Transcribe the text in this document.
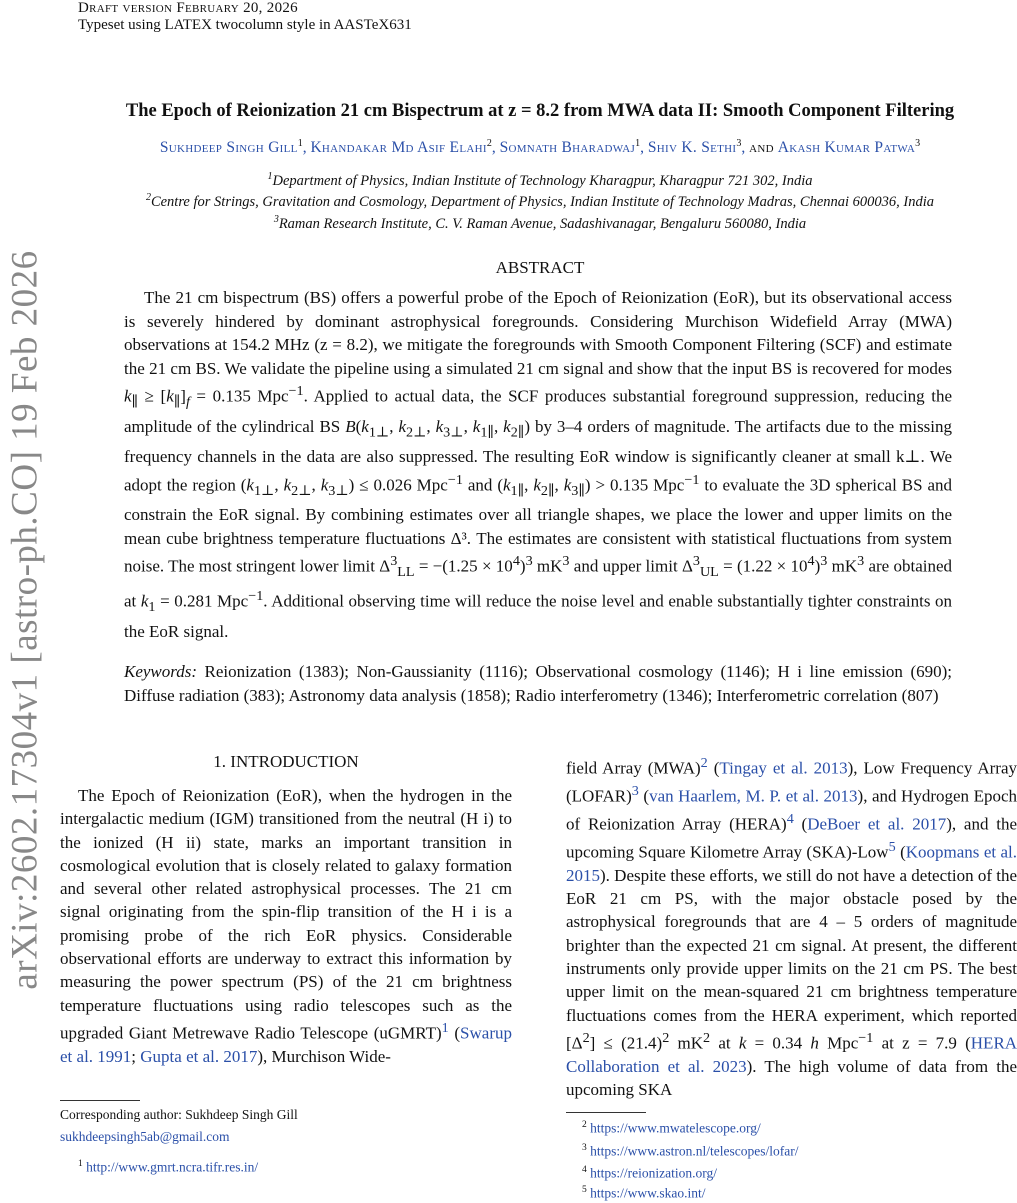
Draft version February 20, 2026
Typeset using LATEX twocolumn style in AASTeX631
arXiv:2602.17304v1 [astro-ph.CO] 19 Feb 2026
The Epoch of Reionization 21 cm Bispectrum at z = 8.2 from MWA data II: Smooth Component Filtering
Sukhdeep Singh Gill$^1$, Khandakar Md Asif Elahi$^2$, Somnath Bharadwaj$^1$, Shiv K. Sethi$^3$, and Akash Kumar Patwa$^3$
$^1$Department of Physics, Indian Institute of Technology Kharagpur, Kharagpur 721 302, India
$^2$Centre for Strings, Gravitation and Cosmology, Department of Physics, Indian Institute of Technology Madras, Chennai 600036, India
$^3$Raman Research Institute, C. V. Raman Avenue, Sadashivanagar, Bengaluru 560080, India
ABSTRACT
The 21 cm bispectrum (BS) offers a powerful probe of the Epoch of Reionization (EoR), but its observational access is severely hindered by dominant astrophysical foregrounds. Considering Murchison Widefield Array (MWA) observations at 154.2 MHz (z = 8.2), we mitigate the foregrounds with Smooth Component Filtering (SCF) and estimate the 21 cm BS. We validate the pipeline using a simulated 21 cm signal and show that the input BS is recovered for modes $k_\parallel \ge [k_\parallel]_f = 0.135$ Mpc$^{-1}$. Applied to actual data, the SCF produces substantial foreground suppression, reducing the amplitude of the cylindrical BS $B(k_{1\perp}$, $k_{2\perp}$, $k_{3\perp}$, $k_{1\parallel}$, $k_{2\parallel}$) by 3–4 orders of magnitude. The artifacts due to the missing frequency channels in the data are also suppressed. The resulting EoR window is significantly cleaner at small k⊥. We adopt the region ($k_{1\perp}$, $k_{2\perp}$, $k_{3\perp}) \le 0.026$ Mpc$^{-1}$ and ($k_{1\parallel}$, $k_{2\parallel}$, $k_{3\parallel}) > 0.135$ Mpc$^{-1}$ to evaluate the 3D spherical BS and constrain the EoR signal. By combining estimates over all triangle shapes, we place the lower and upper limits on the mean cube brightness temperature fluctuations Δ³. The estimates are consistent with statistical fluctuations from system noise. The most stringent lower limit $\Delta^3_{LL} = -(1.25 \times 10^4)^3$ $mK^3$ and upper limit $\Delta^3_{UL} = (1.22 \times 10^4)^3$ $mK^3$ are obtained at $k_1 = 0.281$ Mpc$^{-1}$. Additional observing time will reduce the noise level and enable substantially tighter constraints on the EoR signal.
Keywords: Reionization (1383); Non-Gaussianity (1116); Observational cosmology (1146); H i line emission (690); Diffuse radiation (383); Astronomy data analysis (1858); Radio interferometry (1346); Interferometric correlation (807)
1. INTRODUCTION
The Epoch of Reionization (EoR), when the hydrogen in the intergalactic medium (IGM) transitioned from the neutral (H i) to the ionized (H ii) state, marks an important transition in cosmological evolution that is closely related to galaxy formation and several other related astrophysical processes. The 21 cm signal originating from the spin-flip transition of the H i is a promising probe of the rich EoR physics. Considerable observational efforts are underway to extract this information by measuring the power spectrum (PS) of the 21 cm brightness temperature fluctuations using radio telescopes such as the upgraded Giant Metrewave Radio Telescope (uGMRT)$^1$ (Swarup et al. 1991; Gupta et al. 2017), Murchison Wide-
field Array (MWA)$^2$ (Tingay et al. 2013), Low Frequency Array (LOFAR)$^3$ (van Haarlem, M. P. et al. 2013), and Hydrogen Epoch of Reionization Array (HERA)$^4$ (DeBoer et al. 2017), and the upcoming Square Kilometre Array (SKA)-Low$^5$ (Koopmans et al. 2015). Despite these efforts, we still do not have a detection of the EoR 21 cm PS, with the major obstacle posed by the astrophysical foregrounds that are 4 – 5 orders of magnitude brighter than the expected 21 cm signal. At present, the different instruments only provide upper limits on the 21 cm PS. The best upper limit on the mean-squared 21 cm brightness temperature fluctuations comes from the HERA experiment, which reported $[\Delta^2] \le (21.4)^2$ $mK^2$ at k = 0.34 h Mpc$^{-1}$ at z = 7.9 (HERA Collaboration et al. 2023). The high volume of data from the upcoming SKA
Corresponding author: Sukhdeep Singh Gill
sukhdeepsingh5ab@gmail.com
$^1$ http://www.gmrt.ncra.tifr.res.in/
$^2$ https://www.mwatelescope.org/
$^3$ https://www.astron.nl/telescopes/lofar/
$^4$ https://reionization.org/
$^5$ https://www.skao.int/
